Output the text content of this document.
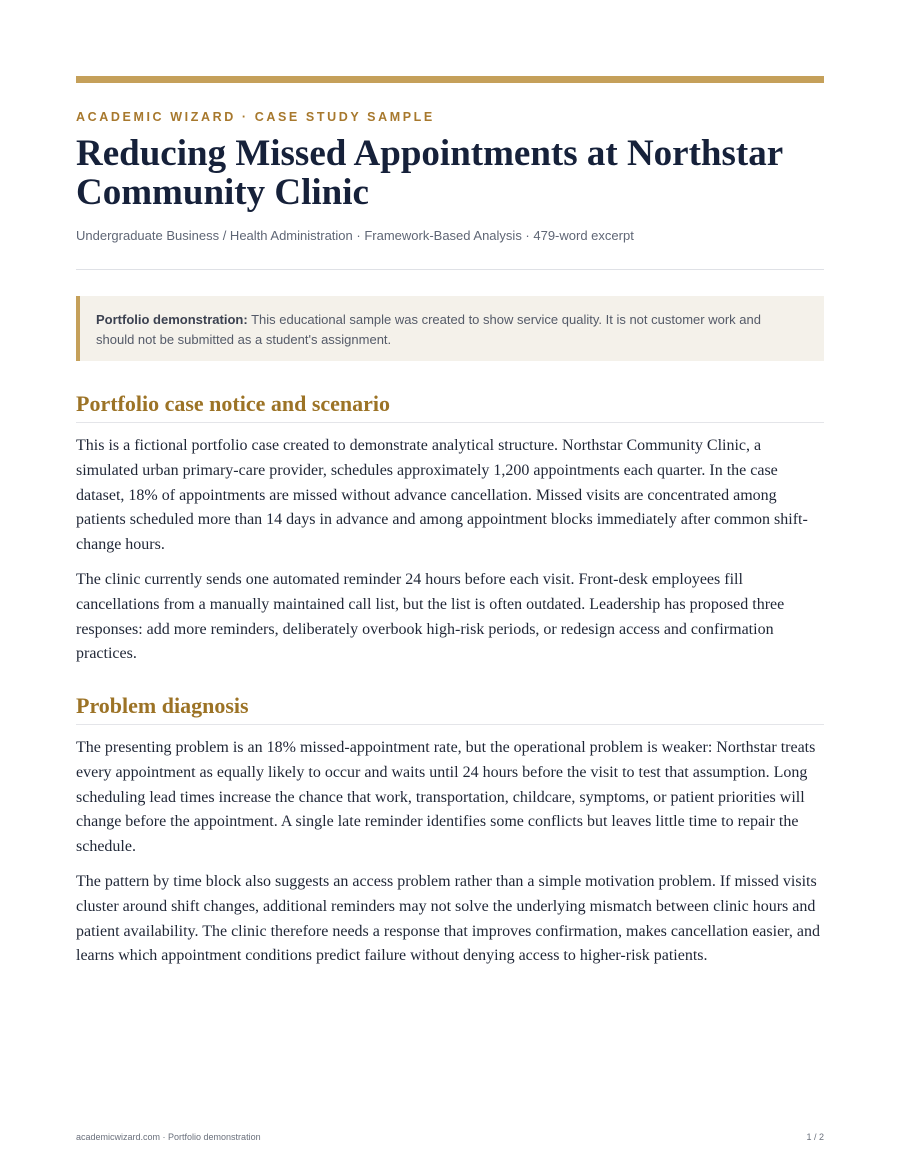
ACADEMIC WIZARD · CASE STUDY SAMPLE
Reducing Missed Appointments at Northstar Community Clinic
Undergraduate Business / Health Administration · Framework-Based Analysis · 479-word excerpt
Portfolio demonstration: This educational sample was created to show service quality. It is not customer work and should not be submitted as a student's assignment.
Portfolio case notice and scenario

This is a fictional portfolio case created to demonstrate analytical structure. Northstar Community Clinic, a simulated urban primary-care provider, schedules approximately 1,200 appointments each quarter. In the case dataset, 18% of appointments are missed without advance cancellation. Missed visits are concentrated among patients scheduled more than 14 days in advance and among appointment blocks immediately after common shift-change hours.

The clinic currently sends one automated reminder 24 hours before each visit. Front-desk employees fill cancellations from a manually maintained call list, but the list is often outdated. Leadership has proposed three responses: add more reminders, deliberately overbook high-risk periods, or redesign access and confirmation practices.

Problem diagnosis

The presenting problem is an 18% missed-appointment rate, but the operational problem is weaker: Northstar treats every appointment as equally likely to occur and waits until 24 hours before the visit to test that assumption. Long scheduling lead times increase the chance that work, transportation, childcare, symptoms, or patient priorities will change before the appointment. A single late reminder identifies some conflicts but leaves little time to repair the schedule.

The pattern by time block also suggests an access problem rather than a simple motivation problem. If missed visits cluster around shift changes, additional reminders may not solve the underlying mismatch between clinic hours and patient availability. The clinic therefore needs a response that improves confirmation, makes cancellation easier, and learns which appointment conditions predict failure without denying access to higher-risk patients.

academicwizard.com · Portfolio demonstration	1 / 2
